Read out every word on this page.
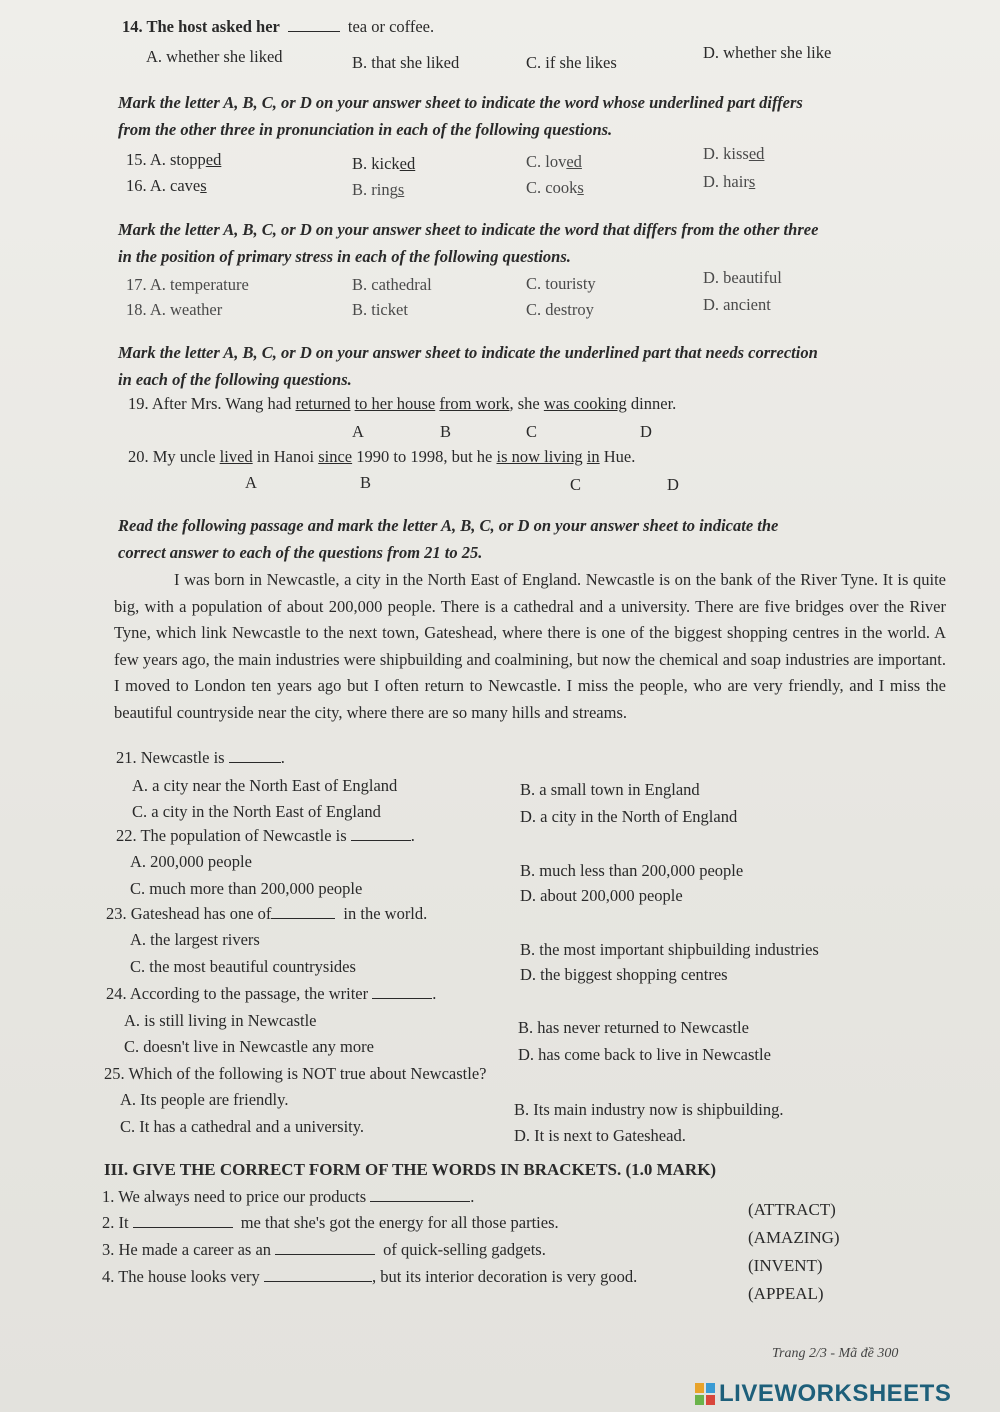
14. The host asked her	tea or coffee.
A. whether she liked	B. that she liked	C. if she likes
D. whether she like
Mark the letter A, B, C, or D on your answer sheet to indicate the word whose underlined part differs
from the other three in pronunciation in each of the following questions.
15. A. stopped	B. kicked	C. loved	D. kissed
16. A. caves	B. rings	C. cooks	D. hairs
Mark the letter A, B, C, or D on your answer sheet to indicate the word that differs from the other three
in the position of primary stress in each of the following questions.
17. A. temperature	B. cathedral	C. touristy	D. beautiful
18. A. weather	B. ticket	C. destroy	D. ancient
Mark the letter A, B, C, or D on your answer sheet to indicate the underlined part that needs correction
in each of the following questions.
19. After Mrs. Wang had returned to her house from work, she was cooking dinner.
A	B	C	D
20. My uncle lived in Hanoi since 1990 to 1998, but he is now living in Hue.
A	B	C	D
Read the following passage and mark the letter A, B, C, or D on your answer sheet to indicate the
correct answer to each of the questions from 21 to 25.

I was born in Newcastle, a city in the North East of England. Newcastle is on the bank of the River Tyne. It is quite big, with a population of about 200,000 people. There is a cathedral and a university. There are five bridges over the River Tyne, which link Newcastle to the next town, Gateshead, where there is one of the biggest shopping centres in the world. A few years ago, the main industries were shipbuilding and coalmining, but now the chemical and soap industries are important. I moved to London ten years ago but I often return to Newcastle. I miss the people, who are very friendly, and I miss the beautiful countryside near the city, where there are so many hills and streams.

21. Newcastle is	.
A. a city near the North East of England	B. a small town in England
C. a city in the North East of England	D. a city in the North of England
22. The population of Newcastle is	.
A. 200,000 people	B. much less than 200,000 people
C. much more than 200,000 people	D. about 200,000 people
23. Gateshead has one of	in the world.
A. the largest rivers
B. the most important shipbuilding industries
C. the most beautiful countrysides	D. the biggest shopping centres
24. According to the passage, the writer	.
A. is still living in Newcastle	B. has never returned to Newcastle
C. doesn't live in Newcastle any more	D. has come back to live in Newcastle
25. Which of the following is NOT true about Newcastle?
A. Its people are friendly.
B. Its main industry now is shipbuilding.
C. It has a cathedral and a university.	D. It is next to Gateshead.
III. GIVE THE CORRECT FORM OF THE WORDS IN BRACKETS. (1.0 MARK)
1. We always need to price our products	.
(ATTRACT)
2. It	me that she's got the energy for all those parties.
(AMAZING)
3. He made a career as an	of quick-selling gadgets.
(INVENT)
4. The house looks very	, but its interior decoration is very good.
(APPEAL)
Trang 2/3 - Mã đề 300
LIVEWORKSHEETS
